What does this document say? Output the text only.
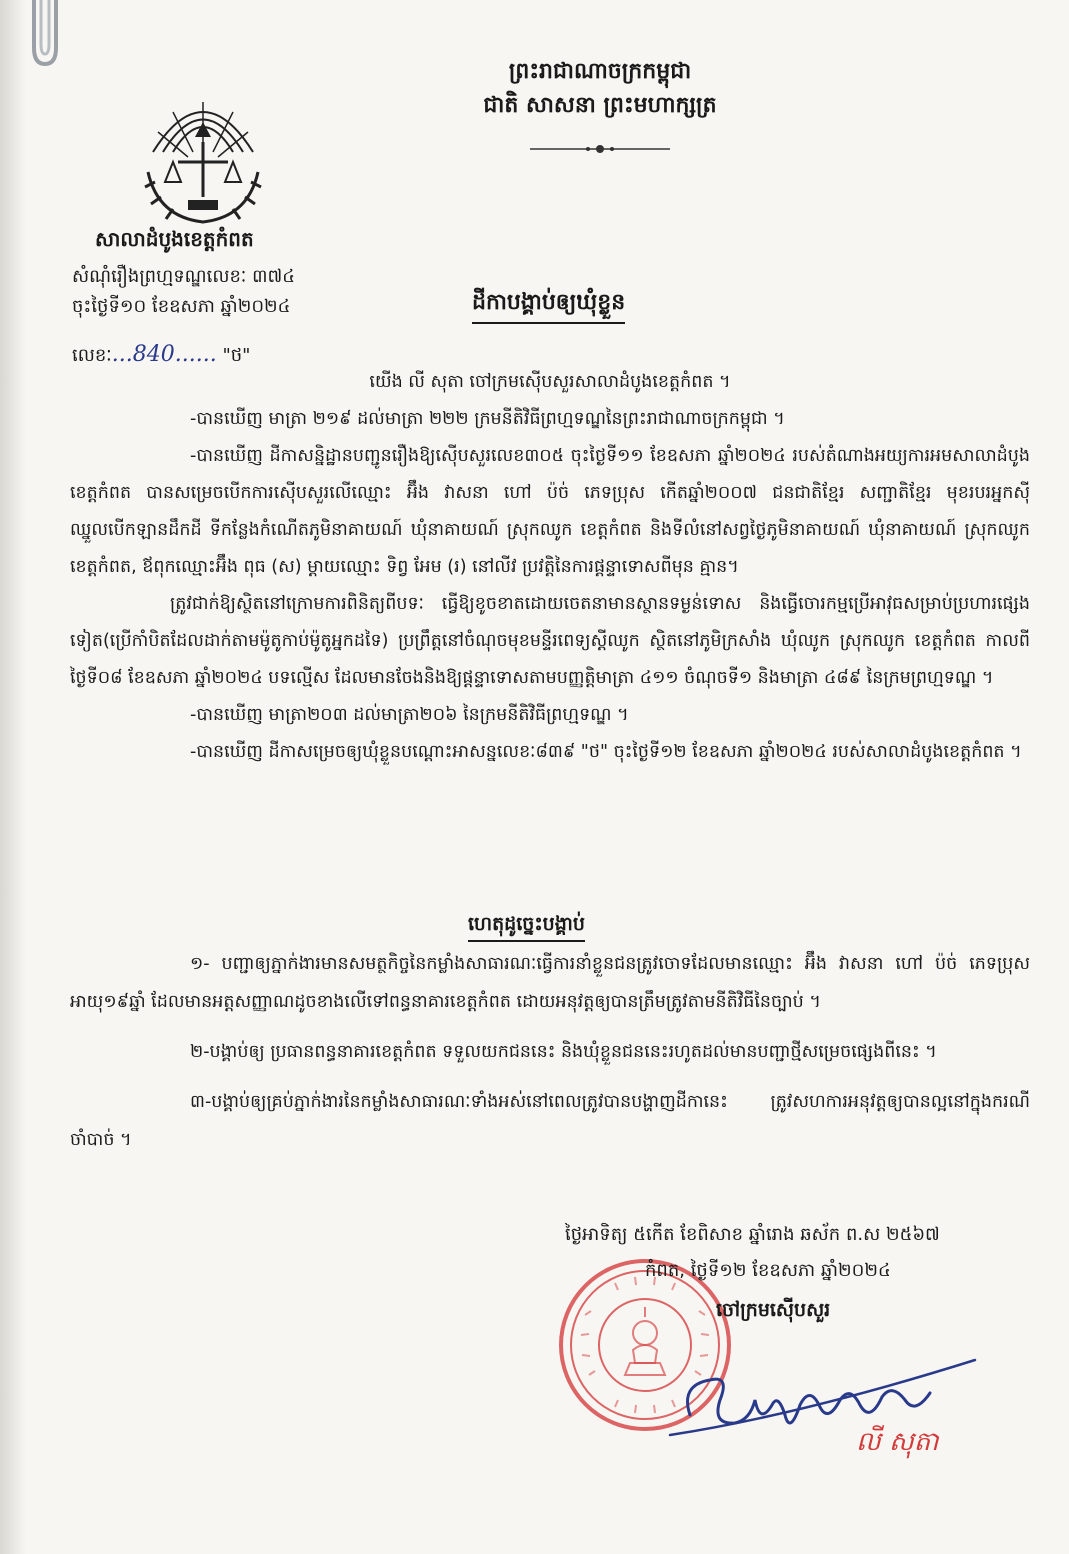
ព្រះរាជាណាចក្រកម្ពុជា
ជាតិ សាសនា ព្រះមហាក្សត្រ
សាលាដំបូងខេត្តកំពត
សំណុំរឿងព្រហ្មទណ្ឌលេខៈ ៣៧៤
ចុះថ្ងៃទី១០ ខែឧសភា ឆ្នាំ២០២៤
លេខៈ...840...... "ថ"
ដីកាបង្គាប់ឲ្យឃុំខ្លួន

យើង លី សុតា ចៅក្រមស៊ើបសួរសាលាដំបូងខេត្តកំពត ។

-បានឃើញ មាត្រា ២១៩ ដល់មាត្រា ២២២ ក្រមនីតិវិធីព្រហ្មទណ្ឌនៃព្រះរាជាណាចក្រកម្ពុជា ។

-បានឃើញ ដីកាសន្និដ្ឋានបញ្ជូនរឿងឱ្យស៊ើបសួរលេខ៣០៥ ចុះថ្ងៃទី១១ ខែឧសភា ឆ្នាំ២០២៤ របស់តំណាងអយ្យការអមសាលាដំបូងខេត្តកំពត បានសម្រេចបើកការស៊ើបសួរលើឈ្មោះ អ៊ឹង វាសនា ហៅ ប៉ច់ ភេទប្រុស កើតឆ្នាំ២០០៧ ជនជាតិខ្មែរ សញ្ជាតិខ្មែរ មុខរបរអ្នកស៊ីឈ្នួលបើកឡានដឹកដី ទីកន្លែងកំណើតភូមិនាគាយណ៍ ឃុំនាគាយណ៍ ស្រុកឈូក ខេត្តកំពត និងទីលំនៅសព្វថ្ងៃភូមិនាគាយណ៍ ឃុំនាគាយណ៍ ស្រុកឈូក ខេត្តកំពត, ឪពុកឈ្មោះអ៊ឹង ពុធ (ស) ម្ដាយឈ្មោះ ទិព្វ អែម (រ) នៅលីវ ប្រវត្តិនៃការផ្ដន្ទាទោសពីមុន គ្មាន។

ត្រូវជាក់ឱ្យស្ថិតនៅក្រោមការពិនិត្យពីបទៈ ធ្វើឱ្យខូចខាតដោយចេតនាមានស្ថានទម្ងន់ទោស និងធ្វើចោរកម្មប្រើអាវុធសម្រាប់ប្រហារផ្សេងទៀត(ប្រើកាំបិតដែលដាក់តាមម៉ូតូកាប់ម៉ូតូអ្នកដទៃ) ប្រព្រឹត្តនៅចំណុចមុខមន្ទីរពេទ្យស្ដីឈូក ស្ថិតនៅភូមិក្រសាំង ឃុំឈូក ស្រុកឈូក ខេត្តកំពត កាលពីថ្ងៃទី០៨ ខែឧសភា ឆ្នាំ២០២៤ បទល្មើស ដែលមានចែងនិងឱ្យផ្ដន្ទាទោសតាមបញ្ញត្តិមាត្រា ៤១១ ចំណុចទី១ និងមាត្រា ៤៨៩ នៃក្រមព្រហ្មទណ្ឌ ។

-បានឃើញ មាត្រា២០៣ ដល់មាត្រា២០៦ នៃក្រមនីតិវិធីព្រហ្មទណ្ឌ ។

-បានឃើញ ដីកាសម្រេចឲ្យឃុំខ្លួនបណ្ដោះអាសន្នលេខៈ៨៣៩ "ថ" ចុះថ្ងៃទី១២ ខែឧសភា ឆ្នាំ២០២៤ របស់សាលាដំបូងខេត្តកំពត ។

ហេតុដូច្នេះបង្គាប់

១- បញ្ជាឲ្យភ្នាក់ងារមានសមត្ថកិច្ចនៃកម្លាំងសាធារណៈធ្វើការនាំខ្លួនជនត្រូវចោទដែលមានឈ្មោះ អ៊ឹង វាសនា ហៅ ប៉ច់ ភេទប្រុស អាយុ១៩ឆ្នាំ ដែលមានអត្តសញ្ញាណដូចខាងលើទៅពន្ធនាគារខេត្តកំពត ដោយអនុវត្តឲ្យបានត្រឹមត្រូវតាមនីតិវិធីនៃច្បាប់ ។

២-បង្គាប់ឲ្យ ប្រធានពន្ធនាគារខេត្តកំពត ទទួលយកជននេះ និងឃុំខ្លួនជននេះរហូតដល់មានបញ្ជាថ្មីសម្រេចផ្សេងពីនេះ ។

៣-បង្គាប់ឲ្យគ្រប់ភ្នាក់ងារនៃកម្លាំងសាធារណៈទាំងអស់នៅពេលត្រូវបានបង្ហាញដីកានេះ ត្រូវសហការអនុវត្តឲ្យបានល្អនៅក្នុងករណីចាំបាច់ ។

ថ្ងៃអាទិត្យ ៥កើត ខែពិសាខ ឆ្នាំរោង ឆស័ក ព.ស ២៥៦៧
កំពត, ថ្ងៃទី១២ ខែឧសភា ឆ្នាំ២០២៤
ចៅក្រមស៊ើបសួរ
លី សុតា
